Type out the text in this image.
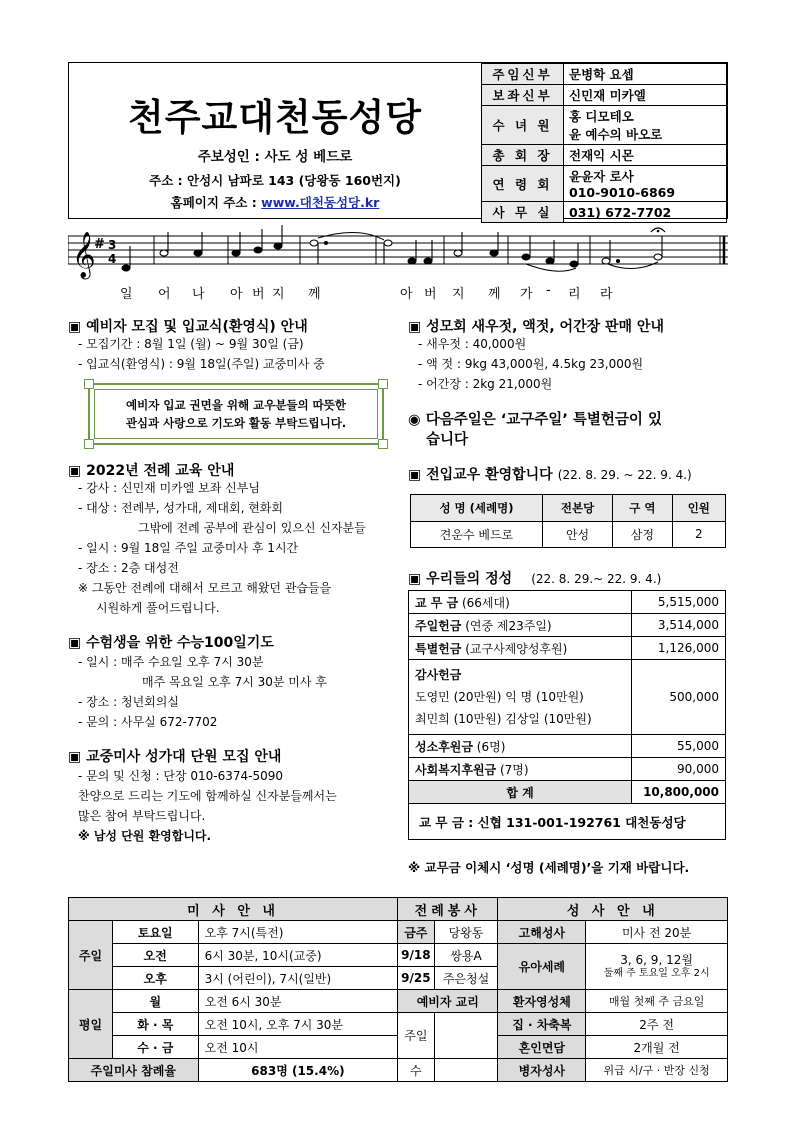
천주교대천동성당
주보성인 : 사도 성 베드로
주소 : 안성시 남파로 143 (당왕동 160번지)
홈페이지 주소 : www.대천동성당.kr
주임신부	문병학 요셉
보좌신부	신민재 미카엘
수 녀 원	홍 디모테오
윤 예수의 바오로

총 회 장	전재익 시몬
연 령 회	윤윤자 로사
010-9010-6869

사 무 실	031) 672-7702
𝄞
# 3
4
일 어 나 아 버 지 께	아 버 지 께 가 - 리 라
▣ 예비자 모집 및 입교식(환영식) 안내
- 모집기간 : 8월 1일 (월) ~ 9월 30일 (금)
- 입교식(환영식) : 9월 18일(주일) 교중미사 중
예비자 입교 권면을 위해 교우분들의 따뜻한
관심과 사랑으로 기도와 활동 부탁드립니다.
▣ 2022년 전례 교육 안내
- 강사 : 신민재 미카엘 보좌 신부님
- 대상 : 전례부, 성가대, 제대회, 현화회
그밖에 전례 공부에 관심이 있으신 신자분들
- 일시 : 9월 18일 주일 교중미사 후 1시간
- 장소 : 2층 대성전
※ 그동안 전례에 대해서 모르고 해왔던 관습들을
시원하게 풀어드립니다.
▣ 수험생을 위한 수능100일기도
- 일시 : 매주 수요일 오후 7시 30분
매주 목요일 오후 7시 30분 미사 후
- 장소 : 청년회의실
- 문의 : 사무실 672-7702
▣ 교중미사 성가대 단원 모집 안내
- 문의 및 신청 : 단장 010-6374-5090
찬양으로 드리는 기도에 함께하실 신자분들께서는
많은 참여 부탁드립니다.
※ 남성 단원 환영합니다.
▣ 성모회 새우젓, 액젓, 어간장 판매 안내
- 새우젓 : 40,000원
- 액 젓 : 9kg 43,000원, 4.5kg 23,000원
- 어간장 : 2kg 21,000원
◉ 다음주일은 ‘교구주일’ 특별헌금이 있
습니다
▣ 전입교우 환영합니다 (22. 8. 29. ~ 22. 9. 4.)
성 명 (세례명)	전본당	구 역	인원
견운수 베드로	안성	삼정	2
▣ 우리들의 정성 (22. 8. 29.~ 22. 9. 4.)
교 무 금 (66세대)	5,515,000
주일헌금 (연중 제23주일)	3,514,000
특별헌금 (교구사제양성후원)	1,126,000

감사헌금
도영민 (20만원) 익 명 (10만원)
최민희 (10만원) 김상일 (10만원)	500,000
성소후원금 (6명)	55,000
사회복지후원금 (7명)	90,000
합 계	10,800,000
교 무 금 : 신협 131-001-192761 대천동성당	
※ 교무금 이체시 ‘성명 (세례명)’을 기재 바랍니다.
미 사 안 내			전례봉사		성 사 안 내	
주일	토요일	오후 7시(특전)	금주	당왕동	고해성사	미사 전 20분
	오전	6시 30분, 10시(교중)	9/18	쌍용A	유아세례	3, 6, 9, 12월
둘째 주 토요일 오후 2시

	오후	3시 (어린이), 7시(일반)	9/25	주은청설		
평일	월	오전 6시 30분	예비자 교리		환자영성체	매월 첫째 주 금요일
	화 · 목	오전 10시, 오후 7시 30분	주일		집 · 차축복	2주 전
	수 · 금	오전 10시			혼인면담	2개월 전
주일미사 참례율		683명 (15.4%)	수		병자성사	위급 시/구 · 반장 신청
